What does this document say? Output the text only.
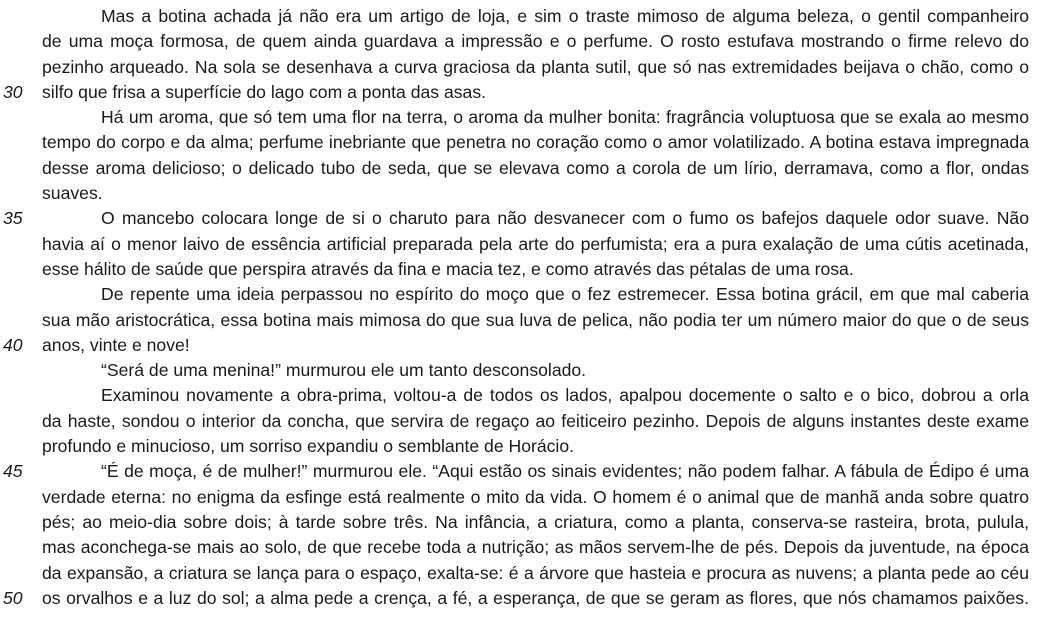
Mas a botina achada já não era um artigo de loja, e sim o traste mimoso de alguma beleza, o gentil companheiro
de uma moça formosa, de quem ainda guardava a impressão e o perfume. O rosto estufava mostrando o firme relevo do
pezinho arqueado. Na sola se desenhava a curva graciosa da planta sutil, que só nas extremidades beijava o chão, como o
silfo que frisa a superfície do lago com a ponta das asas.
Há um aroma, que só tem uma flor na terra, o aroma da mulher bonita: fragrância voluptuosa que se exala ao mesmo
tempo do corpo e da alma; perfume inebriante que penetra no coração como o amor volatilizado. A botina estava impregnada
desse aroma delicioso; o delicado tubo de seda, que se elevava como a corola de um lírio, derramava, como a flor, ondas
suaves.
O mancebo colocara longe de si o charuto para não desvanecer com o fumo os bafejos daquele odor suave. Não
havia aí o menor laivo de essência artificial preparada pela arte do perfumista; era a pura exalação de uma cútis acetinada,
esse hálito de saúde que perspira através da fina e macia tez, e como através das pétalas de uma rosa.
De repente uma ideia perpassou no espírito do moço que o fez estremecer. Essa botina grácil, em que mal caberia
sua mão aristocrática, essa botina mais mimosa do que sua luva de pelica, não podia ter um número maior do que o de seus
anos, vinte e nove!
“Será de uma menina!” murmurou ele um tanto desconsolado.
Examinou novamente a obra-prima, voltou-a de todos os lados, apalpou docemente o salto e o bico, dobrou a orla
da haste, sondou o interior da concha, que servira de regaço ao feiticeiro pezinho. Depois de alguns instantes deste exame
profundo e minucioso, um sorriso expandiu o semblante de Horácio.
“É de moça, é de mulher!” murmurou ele. “Aqui estão os sinais evidentes; não podem falhar. A fábula de Édipo é uma
verdade eterna: no enigma da esfinge está realmente o mito da vida. O homem é o animal que de manhã anda sobre quatro
pés; ao meio-dia sobre dois; à tarde sobre três. Na infância, a criatura, como a planta, conserva-se rasteira, brota, pulula,
mas aconchega-se mais ao solo, de que recebe toda a nutrição; as mãos servem-lhe de pés. Depois da juventude, na época
da expansão, a criatura se lança para o espaço, exalta-se: é a árvore que hasteia e procura as nuvens; a planta pede ao céu
os orvalhos e a luz do sol; a alma pede a crença, a fé, a esperança, de que se geram as flores, que nós chamamos paixões.
30
35
40
45
50
